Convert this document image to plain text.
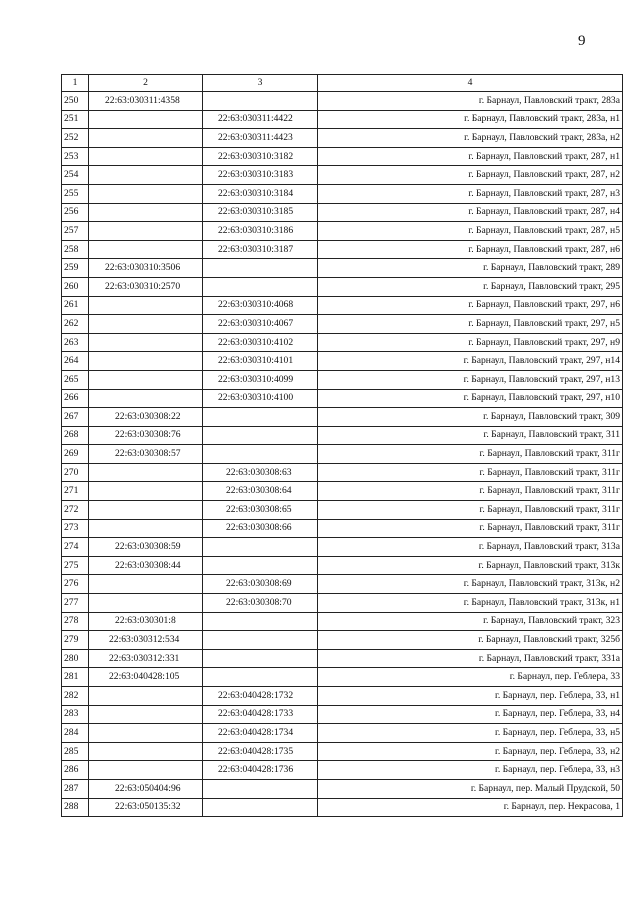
9
1	2	3	4
250	22:63:030311:4358		г. Барнаул, Павловский тракт, 283а
251		22:63:030311:4422	г. Барнаул, Павловский тракт, 283а, н1
252		22:63:030311:4423	г. Барнаул, Павловский тракт, 283а, н2
253		22:63:030310:3182	г. Барнаул, Павловский тракт, 287, н1
254		22:63:030310:3183	г. Барнаул, Павловский тракт, 287, н2
255		22:63:030310:3184	г. Барнаул, Павловский тракт, 287, н3
256		22:63:030310:3185	г. Барнаул, Павловский тракт, 287, н4
257		22:63:030310:3186	г. Барнаул, Павловский тракт, 287, н5
258		22:63:030310:3187	г. Барнаул, Павловский тракт, 287, н6
259	22:63:030310:3506		г. Барнаул, Павловский тракт, 289
260	22:63:030310:2570		г. Барнаул, Павловский тракт, 295
261		22:63:030310:4068	г. Барнаул, Павловский тракт, 297, н6
262		22:63:030310:4067	г. Барнаул, Павловский тракт, 297, н5
263		22:63:030310:4102	г. Барнаул, Павловский тракт, 297, н9
264		22:63:030310:4101	г. Барнаул, Павловский тракт, 297, н14
265		22:63:030310:4099	г. Барнаул, Павловский тракт, 297, н13
266		22:63:030310:4100	г. Барнаул, Павловский тракт, 297, н10
267	22:63:030308:22		г. Барнаул, Павловский тракт, 309
268	22:63:030308:76		г. Барнаул, Павловский тракт, 311
269	22:63:030308:57		г. Барнаул, Павловский тракт, 311г
270		22:63:030308:63	г. Барнаул, Павловский тракт, 311г
271		22:63:030308:64	г. Барнаул, Павловский тракт, 311г
272		22:63:030308:65	г. Барнаул, Павловский тракт, 311г
273		22:63:030308:66	г. Барнаул, Павловский тракт, 311г
274	22:63:030308:59		г. Барнаул, Павловский тракт, 313а
275	22:63:030308:44		г. Барнаул, Павловский тракт, 313к
276		22:63:030308:69	г. Барнаул, Павловский тракт, 313к, н2
277		22:63:030308:70	г. Барнаул, Павловский тракт, 313к, н1
278	22:63:030301:8		г. Барнаул, Павловский тракт, 323
279	22:63:030312:534		г. Барнаул, Павловский тракт, 325б
280	22:63:030312:331		г. Барнаул, Павловский тракт, 331а
281	22:63:040428:105		г. Барнаул, пер. Геблера, 33
282		22:63:040428:1732	г. Барнаул, пер. Геблера, 33, н1
283		22:63:040428:1733	г. Барнаул, пер. Геблера, 33, н4
284		22:63:040428:1734	г. Барнаул, пер. Геблера, 33, н5
285		22:63:040428:1735	г. Барнаул, пер. Геблера, 33, н2
286		22:63:040428:1736	г. Барнаул, пер. Геблера, 33, н3
287	22:63:050404:96		г. Барнаул, пер. Малый Прудской, 50
288	22:63:050135:32		г. Барнаул, пер. Некрасова, 1
